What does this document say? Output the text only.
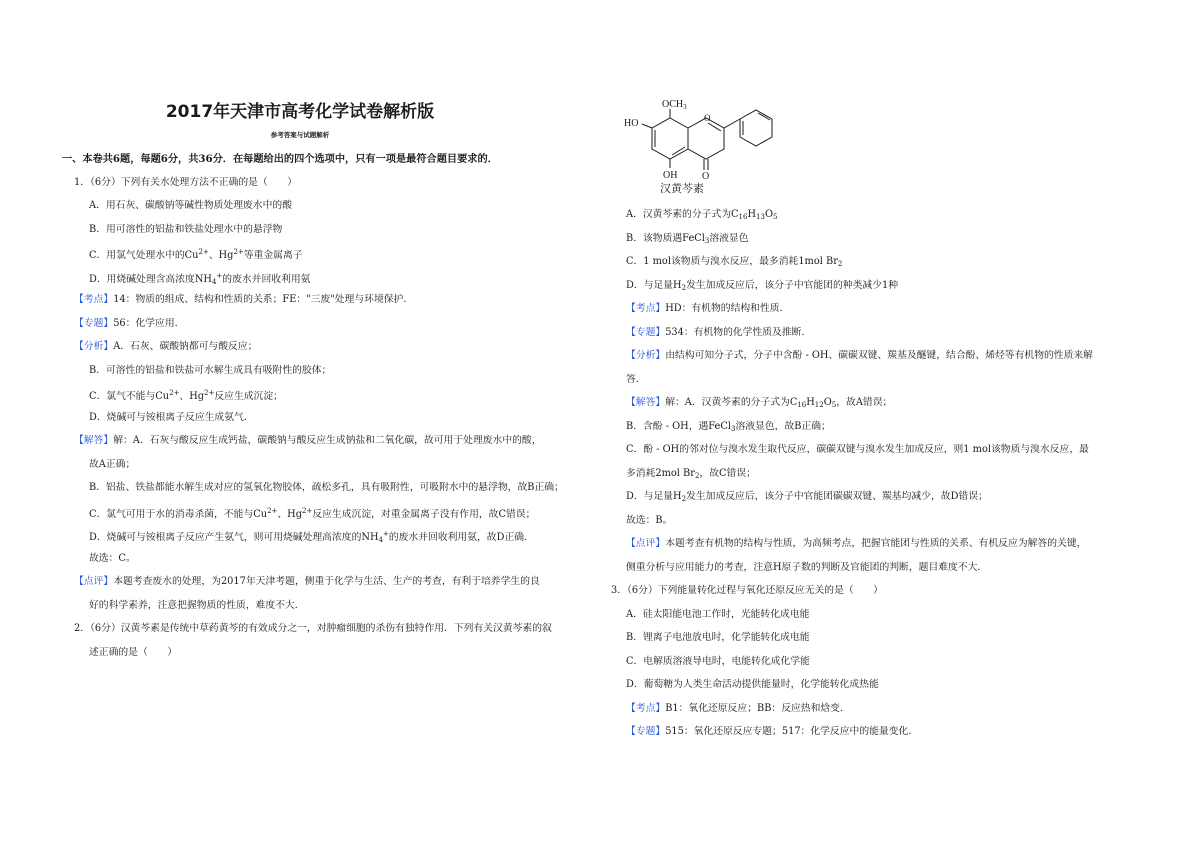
2017年天津市高考化学试卷解析版
参考答案与试题解析
一、本卷共6题，每题6分，共36分．在每题给出的四个选项中，只有一项是最符合题目要求的．
1．（6分）下列有关水处理方法不正确的是（　　）
A．用石灰、碳酸钠等碱性物质处理废水中的酸
B．用可溶性的铝盐和铁盐处理水中的悬浮物
C．用氯气处理水中的$Cu^{2+}$、$Hg^{2+}$等重金属离子
D．用烧碱处理含高浓度$NH_4^+$的废水并回收利用氨
【考点】14：物质的组成、结构和性质的关系；FE："三废"处理与环境保护．
【专题】56：化学应用．
【分析】A．石灰、碳酸钠都可与酸反应；
B．可溶性的铝盐和铁盐可水解生成具有吸附性的胶体；
C．氯气不能与$Cu^{2+}$、$Hg^{2+}$反应生成沉淀；
D．烧碱可与铵根离子反应生成氨气．
【解答】解：A．石灰与酸反应生成钙盐，碳酸钠与酸反应生成钠盐和二氧化碳，故可用于处理废水中的酸，
故A正确；
B．铝盐、铁盐都能水解生成对应的氢氧化物胶体，疏松多孔，具有吸附性，可吸附水中的悬浮物，故B正确；
C．氯气可用于水的消毒杀菌，不能与$Cu^{2+}$、$Hg^{2+}$反应生成沉淀，对重金属离子没有作用，故C错误；
D．烧碱可与铵根离子反应产生氨气，则可用烧碱处理高浓度的$NH_4^+$的废水并回收利用氨，故D正确．
故选：C。
【点评】本题考查废水的处理，为2017年天津考题，侧重于化学与生活、生产的考查，有利于培养学生的良
好的科学素养，注意把握物质的性质，难度不大．
2．（6分）汉黄芩素是传统中草药黄芩的有效成分之一，对肿瘤细胞的杀伤有独特作用．下列有关汉黄芩素的叙
述正确的是（　　）
$OCH_3$
O
HO
OH O
汉黄芩素
A．汉黄芩素的分子式为$C_{16}H_{13}O_5$
B．该物质遇FeCl$_3$溶液显色
C．1 mol该物质与溴水反应，最多消耗1mol $Br_2$
D．与足量$H_2$发生加成反应后，该分子中官能团的种类减少1种
【考点】HD：有机物的结构和性质．
【专题】534：有机物的化学性质及推断．
【分析】由结构可知分子式，分子中含酚 - OH、碳碳双键、羰基及醚键，结合酚、烯烃等有机物的性质来解
答．
【解答】解：A．汉黄芩素的分子式为$C_{16}H_{12}O_5$，故A错误；
B．含酚 - OH，遇FeCl$_3$溶液显色，故B正确；
C．酚 - OH的邻对位与溴水发生取代反应，碳碳双键与溴水发生加成反应，则1 mol该物质与溴水反应，最
多消耗2mol $Br_2$，故C错误；
D．与足量$H_2$发生加成反应后，该分子中官能团碳碳双键、羰基均减少，故D错误；
故选：B。
【点评】本题考查有机物的结构与性质，为高频考点，把握官能团与性质的关系、有机反应为解答的关键，
侧重分析与应用能力的考查，注意H原子数的判断及官能团的判断，题目难度不大．
3．（6分）下列能量转化过程与氧化还原反应无关的是（　　）
A．硅太阳能电池工作时，光能转化成电能
B．锂离子电池放电时，化学能转化成电能
C．电解质溶液导电时，电能转化成化学能
D．葡萄糖为人类生命活动提供能量时，化学能转化成热能
【考点】B1：氧化还原反应；BB：反应热和焓变．
【专题】515：氧化还原反应专题；517：化学反应中的能量变化．
